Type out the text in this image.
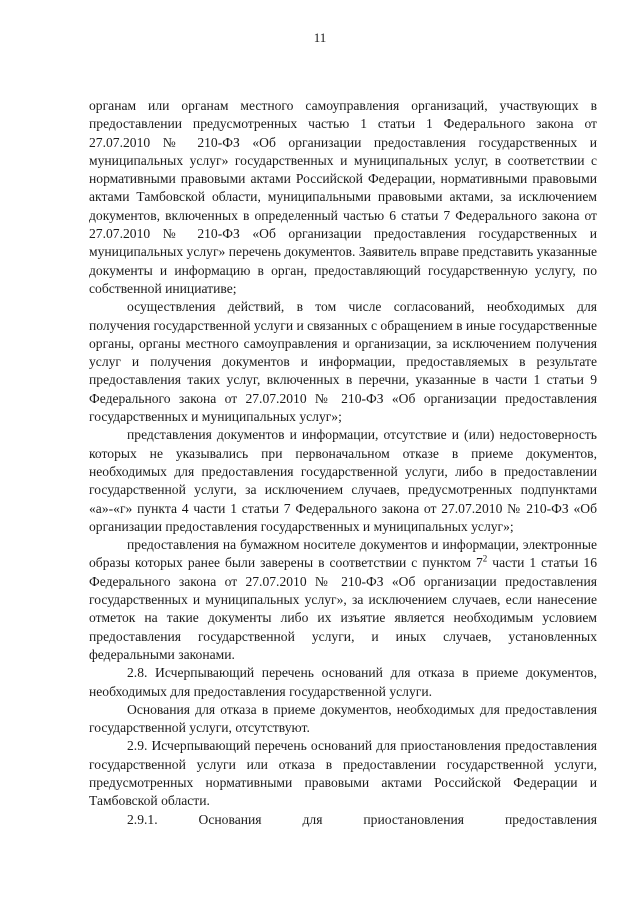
11

органам или органам местного самоуправления организаций, участвующих в предоставлении предусмотренных частью 1 статьи 1 Федерального закона от 27.07.2010 № 210-ФЗ «Об организации предоставления государственных и муниципальных услуг» государственных и муниципальных услуг, в соответствии с нормативными правовыми актами Российской Федерации, нормативными правовыми актами Тамбовской области, муниципальными правовыми актами, за исключением документов, включенных в определенный частью 6 статьи 7 Федерального закона от 27.07.2010 № 210-ФЗ «Об организации предоставления государственных и муниципальных услуг» перечень документов. Заявитель вправе представить указанные документы и информацию в орган, предоставляющий государственную услугу, по собственной инициативе;

осуществления действий, в том числе согласований, необходимых для получения государственной услуги и связанных с обращением в иные государственные органы, органы местного самоуправления и организации, за исключением получения услуг и получения документов и информации, предоставляемых в результате предоставления таких услуг, включенных в перечни, указанные в части 1 статьи 9 Федерального закона от 27.07.2010 № 210-ФЗ «Об организации предоставления государственных и муниципальных услуг»;

представления документов и информации, отсутствие и (или) недостоверность которых не указывались при первоначальном отказе в приеме документов, необходимых для предоставления государственной услуги, либо в предоставлении государственной услуги, за исключением случаев, предусмотренных подпунктами «а»-«г» пункта 4 части 1 статьи 7 Федерального закона от 27.07.2010 № 210-ФЗ «Об организации предоставления государственных и муниципальных услуг»;

предоставления на бумажном носителе документов и информации, электронные образы которых ранее были заверены в соответствии с пунктом $7^2$ части 1 статьи 16 Федерального закона от 27.07.2010 № 210-ФЗ «Об организации предоставления государственных и муниципальных услуг», за исключением случаев, если нанесение отметок на такие документы либо их изъятие является необходимым условием предоставления государственной услуги, и иных случаев, установленных федеральными законами.

2.8. Исчерпывающий перечень оснований для отказа в приеме документов, необходимых для предоставления государственной услуги.

Основания для отказа в приеме документов, необходимых для предоставления государственной услуги, отсутствуют.

2.9. Исчерпывающий перечень оснований для приостановления предоставления государственной услуги или отказа в предоставлении государственной услуги, предусмотренных нормативными правовыми актами Российской Федерации и Тамбовской области.

2.9.1.	Основания	для	приостановления	предоставления
